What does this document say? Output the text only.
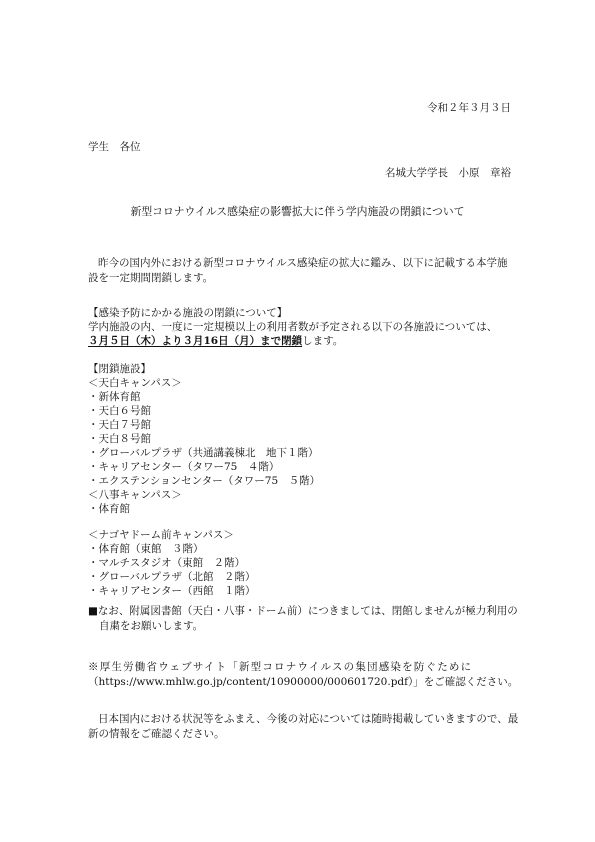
令和２年３月３日
学生　各位
名城大学学長　小原　章裕
新型コロナウイルス感染症の影響拡大に伴う学内施設の閉鎖について
昨今の国内外における新型コロナウイルス感染症の拡大に鑑み、以下に記載する本学施設を一定期間閉鎖します。
【感染予防にかかる施設の閉鎖について】
学内施設の内、一度に一定規模以上の利用者数が予定される以下の各施設については、
３月５日（木）より３月16日（月）まで閉鎖します。
【閉鎖施設】
＜天白キャンパス＞
・新体育館
・天白６号館
・天白７号館
・天白８号館
・グローバルプラザ（共通講義棟北　地下１階）
・キャリアセンター（タワー75　４階）
・エクステンションセンター（タワー75　５階）
＜八事キャンパス＞
・体育館
＜ナゴヤドーム前キャンパス＞
・体育館（東館　３階）
・マルチスタジオ（東館　２階）
・グローバルプラザ（北館　２階）
・キャリアセンター（西館　１階）
■なお、附属図書館（天白・八事・ドーム前）につきましては、閉館しませんが極力利用の
自粛をお願いします。
※厚生労働省ウェブサイト「新型コロナウイルスの集団感染を防ぐために
（https://www.mhlw.go.jp/content/10900000/000601720.pdf）」をご確認ください。
日本国内における状況等をふまえ、今後の対応については随時掲載していきますので、最
新の情報をご確認ください。
